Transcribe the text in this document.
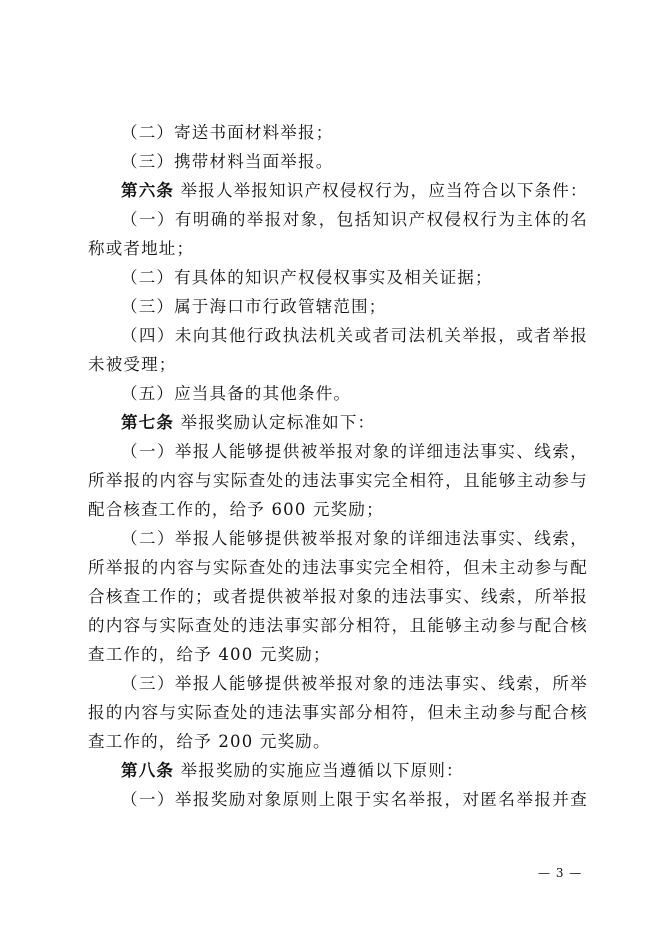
（二）寄送书面材料举报；
（三）携带材料当面举报。
第六条 举报人举报知识产权侵权行为，应当符合以下条件：
（一）有明确的举报对象，包括知识产权侵权行为主体的名
称或者地址；
（二）有具体的知识产权侵权事实及相关证据；
（三）属于海口市行政管辖范围；
（四）未向其他行政执法机关或者司法机关举报，或者举报
未被受理；
（五）应当具备的其他条件。
第七条 举报奖励认定标准如下：
（一）举报人能够提供被举报对象的详细违法事实、线索，
所举报的内容与实际查处的违法事实完全相符，且能够主动参与
配合核查工作的，给予 600 元奖励；
（二）举报人能够提供被举报对象的详细违法事实、线索，
所举报的内容与实际查处的违法事实完全相符，但未主动参与配
合核查工作的；或者提供被举报对象的违法事实、线索，所举报
的内容与实际查处的违法事实部分相符，且能够主动参与配合核
查工作的，给予 400 元奖励；
（三）举报人能够提供被举报对象的违法事实、线索，所举
报的内容与实际查处的违法事实部分相符，但未主动参与配合核
查工作的，给予 200 元奖励。
第八条 举报奖励的实施应当遵循以下原则：
（一）举报奖励对象原则上限于实名举报，对匿名举报并查
— 3 —
